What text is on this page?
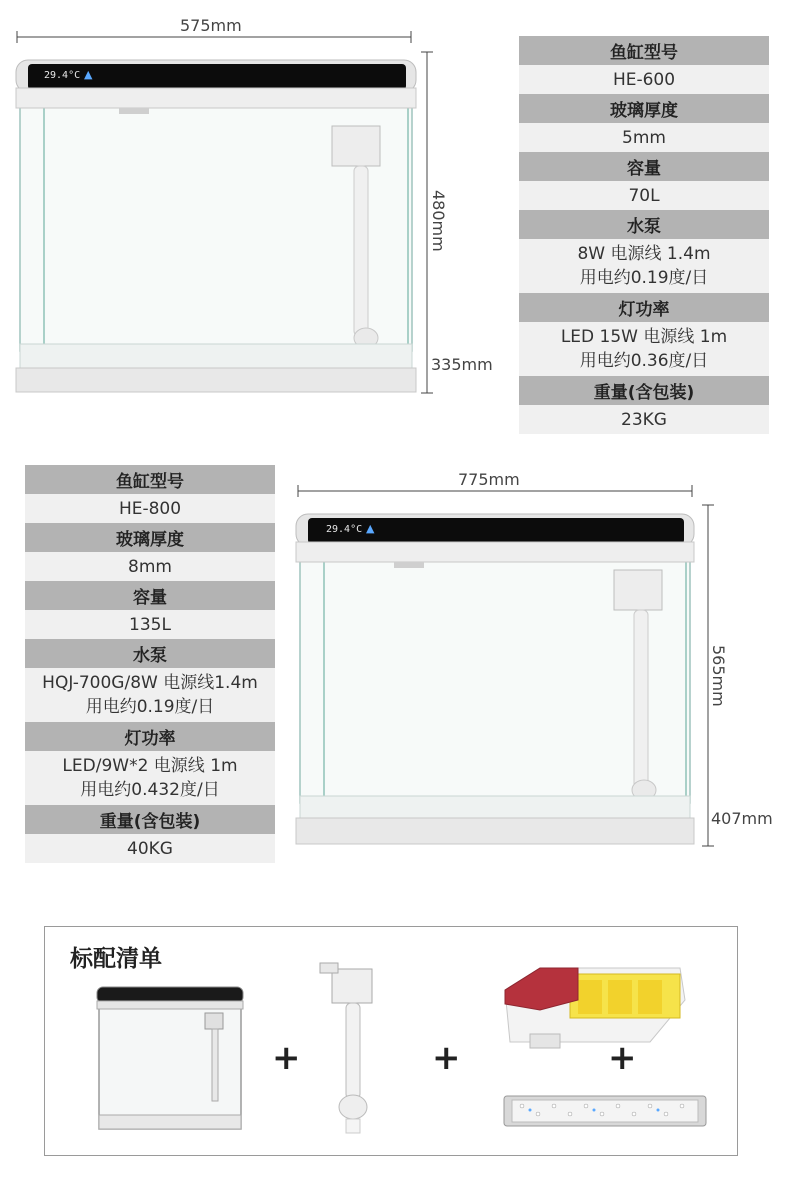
575mm
480mm
335mm
29.4°C ▲
鱼缸型号
HE-600
玻璃厚度
5mm
容量
70L
水泵
8W 电源线 1.4m
用电约0.19度/日
灯功率
LED 15W 电源线 1m
用电约0.36度/日
重量(含包装)
23KG
鱼缸型号
HE-800
玻璃厚度
8mm
容量
135L
水泵
HQJ-700G/8W 电源线1.4m
用电约0.19度/日
灯功率
LED/9W*2 电源线 1m
用电约0.432度/日
重量(含包装)
40KG
775mm
565mm
407mm
29.4°C ▲
标配清单
+	+	+
